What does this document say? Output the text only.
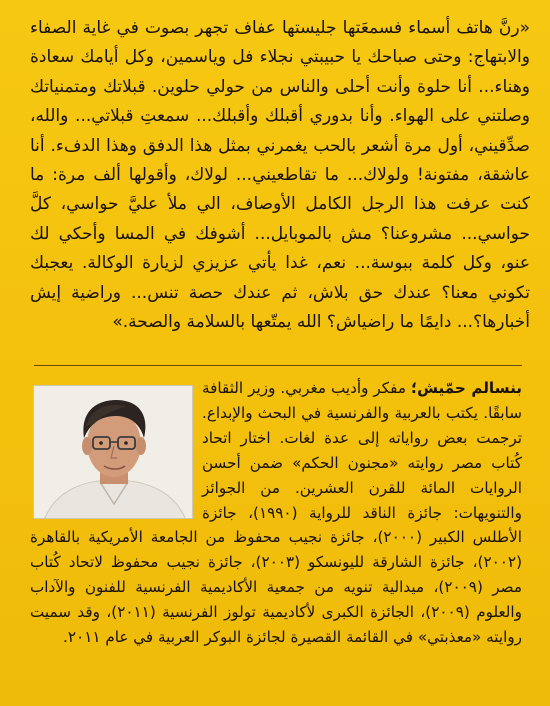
«رنَّ هاتف أسماء فسمعَتها جليستها عفاف تجهر بصوت في غاية الصفاء والابتهاج: وحتى صباحك يا حبيبتي نجلاء فل وياسمين، وكل أيامك سعادة وهناء... أنا حلوة وأنت أحلى والناس من حولي حلوين. قبلاتك ومتمنياتك وصلتني على الهواء. وأنا بدوري أقبلك وأقبلك... سمعتِ قبلاتي... والله، صدِّقيني، أول مرة أشعر بالحب يغمرني بمثل هذا الدفق وهذا الدفء. أنا عاشقة، مفتونة! ولولاك... ما تقاطعيني... لولاك، وأقولها ألف مرة: ما كنت عرفت هذا الرجل الكامل الأوصاف، الي ملأ عليَّ حواسي، كلَّ حواسي... مشروعنا؟ مش بالموبايل... أشوفك في المسا وأحكي لك عنو، وكل كلمة ببوسة... نعم، غدا يأتي عزيزي لزيارة الوكالة. يعجبك تكوني معنا؟ عندك حق بلاش، ثم عندك حصة تنس... وراضية إيش أخبارها؟... دايمًا ما راضياش؟ الله يمتّعها بالسلامة والصحة.»

بنسالم حمّيش؛ مفكر وأديب مغربي. وزير الثقافة سابقًا. يكتب بالعربية والفرنسية في البحث والإبداع. ترجمت بعض رواياته إلى عدة لغات. اختار اتحاد كُتاب مصر روايته «مجنون الحكم» ضمن أحسن الروايات المائة للقرن العشرين. من الجوائز والتنويهات: جائزة الناقد للرواية (١٩٩٠)، جائزة الأطلس الكبير (٢٠٠٠)، جائزة نجيب محفوظ من الجامعة الأمريكية بالقاهرة (٢٠٠٢)، جائزة الشارقة لليونسكو (٢٠٠٣)، جائزة نجيب محفوظ لاتحاد كُتاب مصر (٢٠٠٩)، ميدالية تنويه من جمعية الأكاديمية الفرنسية للفنون والآداب والعلوم (٢٠٠٩)، الجائزة الكبرى لأكاديمية تولوز الفرنسية (٢٠١١)، وقد سميت روايته «معذبتي» في القائمة القصيرة لجائزة البوكر العربية في عام ٢٠١١.
